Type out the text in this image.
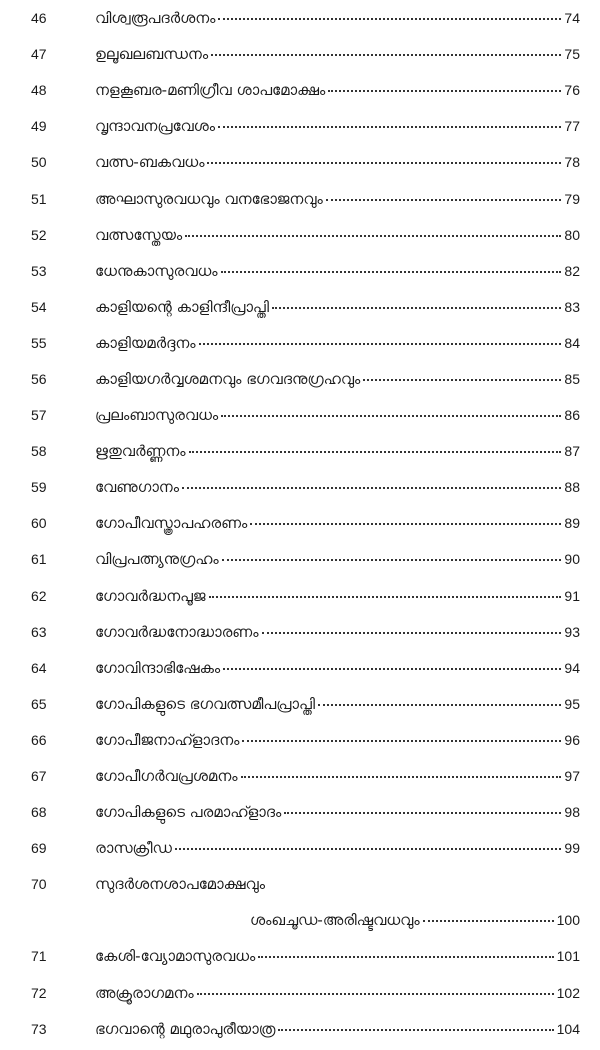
46	വിശ്വരൂപദർശനം	74
47	ഉലൂഖലബന്ധനം	75
48	നളകൂബര-മണിഗ്രീവ ശാപമോക്ഷം	76
49	വൃന്ദാവനപ്രവേശം	77
50	വത്സ-ബകവധം	78
51	അഘാസുരവധവും വനഭോജനവും	79
52	വത്സസ്തേയം	80
53	ധേനുകാസുരവധം	82
54	കാളിയന്റെ കാളിന്ദീപ്രാപ്തി	83
55	കാളിയമർദ്ദനം	84
56	കാളിയഗർവ്വശമനവും ഭഗവദനുഗ്രഹവും	85
57	പ്രലംബാസുരവധം	86
58	ഋതുവർണ്ണനം	87
59	വേണുഗാനം	88
60	ഗോപീവസ്ത്രാപഹരണം	89
61	വിപ്രപത്ന്യനുഗ്രഹം	90
62	ഗോവർദ്ധനപൂജ	91
63	ഗോവർദ്ധനോദ്ധാരണം	93
64	ഗോവിന്ദാഭിഷേകം	94
65	ഗോപികളുടെ ഭഗവത്സമീപപ്രാപ്തി	95
66	ഗോപീജനാഹ്ളാദനം	96
67	ഗോപീഗർവപ്രശമനം	97
68	ഗോപികളുടെ പരമാഹ്ളാദം	98
69	രാസക്രീഡ	99
70	സുദർശനശാപമോക്ഷവും
ശംഖചൂഡ-അരിഷ്ടവധവും	100
71	കേശി-വ്യോമാസുരവധം	101
72	അക്രൂരാഗമനം	102
73	ഭഗവാന്റെ മഥുരാപുരീയാത്ര	104
